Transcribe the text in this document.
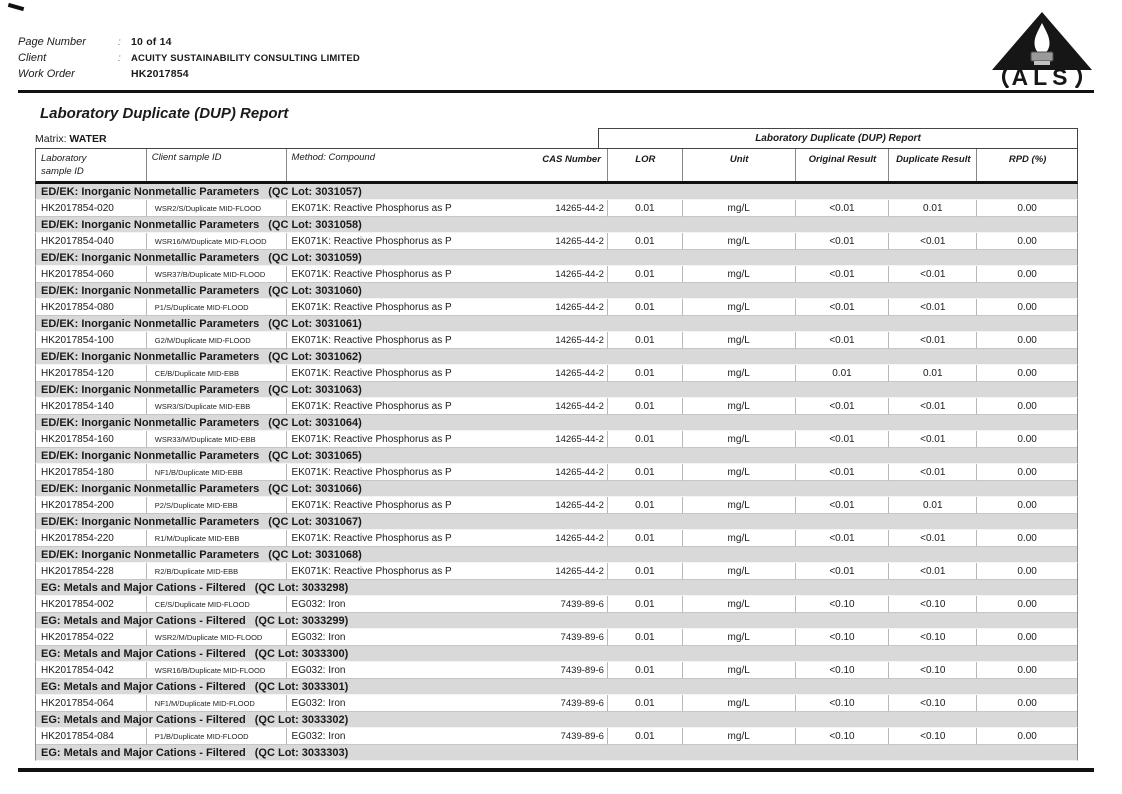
Page Number	: 10 of 14
Client	:	ACUITY SUSTAINABILITY CONSULTING LIMITED
Work Order	HK2017854	ALS
Laboratory Duplicate (DUP) Report
Matrix: WATER	Laboratory Duplicate (DUP) Report
Laboratory
sample ID
Client sample ID	Method: Compound	CAS Number	LOR	Unit	Original Result	Duplicate Result	RPD (%)
ED/EK: Inorganic Nonmetallic Parameters (QC Lot: 3031057)
HK2017854-020	WSR2/S/Duplicate MID-FLOOD	EK071K: Reactive Phosphorus as P	14265-44-2	0.01	mg/L	<0.01	0.01	0.00
ED/EK: Inorganic Nonmetallic Parameters (QC Lot: 3031058)
HK2017854-040	WSR16/M/Duplicate MID-FLOOD	EK071K: Reactive Phosphorus as P	14265-44-2	0.01	mg/L	<0.01	<0.01	0.00
ED/EK: Inorganic Nonmetallic Parameters (QC Lot: 3031059)
HK2017854-060	WSR37/B/Duplicate MID-FLOOD	EK071K: Reactive Phosphorus as P	14265-44-2	0.01	mg/L	<0.01	<0.01	0.00
ED/EK: Inorganic Nonmetallic Parameters (QC Lot: 3031060)
HK2017854-080	P1/S/Duplicate MID-FLOOD	EK071K: Reactive Phosphorus as P	14265-44-2	0.01	mg/L	<0.01	<0.01	0.00
ED/EK: Inorganic Nonmetallic Parameters (QC Lot: 3031061)
HK2017854-100	G2/M/Duplicate MID-FLOOD	EK071K: Reactive Phosphorus as P	14265-44-2	0.01	mg/L	<0.01	<0.01	0.00
ED/EK: Inorganic Nonmetallic Parameters (QC Lot: 3031062)
HK2017854-120	CE/B/Duplicate MID-EBB	EK071K: Reactive Phosphorus as P	14265-44-2	0.01	mg/L	0.01	0.01	0.00
ED/EK: Inorganic Nonmetallic Parameters (QC Lot: 3031063)
HK2017854-140	WSR3/S/Duplicate MID-EBB	EK071K: Reactive Phosphorus as P	14265-44-2	0.01	mg/L	<0.01	<0.01	0.00
ED/EK: Inorganic Nonmetallic Parameters (QC Lot: 3031064)
HK2017854-160	WSR33/M/Duplicate MID-EBB	EK071K: Reactive Phosphorus as P	14265-44-2	0.01	mg/L	<0.01	<0.01	0.00
ED/EK: Inorganic Nonmetallic Parameters (QC Lot: 3031065)
HK2017854-180	NF1/B/Duplicate MID-EBB	EK071K: Reactive Phosphorus as P	14265-44-2	0.01	mg/L	<0.01	<0.01	0.00
ED/EK: Inorganic Nonmetallic Parameters (QC Lot: 3031066)
HK2017854-200	P2/S/Duplicate MID-EBB	EK071K: Reactive Phosphorus as P	14265-44-2	0.01	mg/L	<0.01	0.01	0.00
ED/EK: Inorganic Nonmetallic Parameters (QC Lot: 3031067)
HK2017854-220	R1/M/Duplicate MID-EBB	EK071K: Reactive Phosphorus as P	14265-44-2	0.01	mg/L	<0.01	<0.01	0.00
ED/EK: Inorganic Nonmetallic Parameters (QC Lot: 3031068)
HK2017854-228	R2/B/Duplicate MID-EBB	EK071K: Reactive Phosphorus as P	14265-44-2	0.01	mg/L	<0.01	<0.01	0.00
EG: Metals and Major Cations - Filtered (QC Lot: 3033298)
HK2017854-002	CE/S/Duplicate MID-FLOOD	EG032: Iron	7439-89-6	0.01	mg/L	<0.10	<0.10	0.00
EG: Metals and Major Cations - Filtered (QC Lot: 3033299)
HK2017854-022	WSR2/M/Duplicate MID-FLOOD	EG032: Iron	7439-89-6	0.01	mg/L	<0.10	<0.10	0.00
EG: Metals and Major Cations - Filtered (QC Lot: 3033300)
HK2017854-042	WSR16/B/Duplicate MID-FLOOD	EG032: Iron	7439-89-6	0.01	mg/L	<0.10	<0.10	0.00
EG: Metals and Major Cations - Filtered (QC Lot: 3033301)
HK2017854-064	NF1/M/Duplicate MID-FLOOD	EG032: Iron	7439-89-6	0.01	mg/L	<0.10	<0.10	0.00
EG: Metals and Major Cations - Filtered (QC Lot: 3033302)
HK2017854-084	P1/B/Duplicate MID-FLOOD	EG032: Iron	7439-89-6	0.01	mg/L	<0.10	<0.10	0.00
EG: Metals and Major Cations - Filtered (QC Lot: 3033303)
